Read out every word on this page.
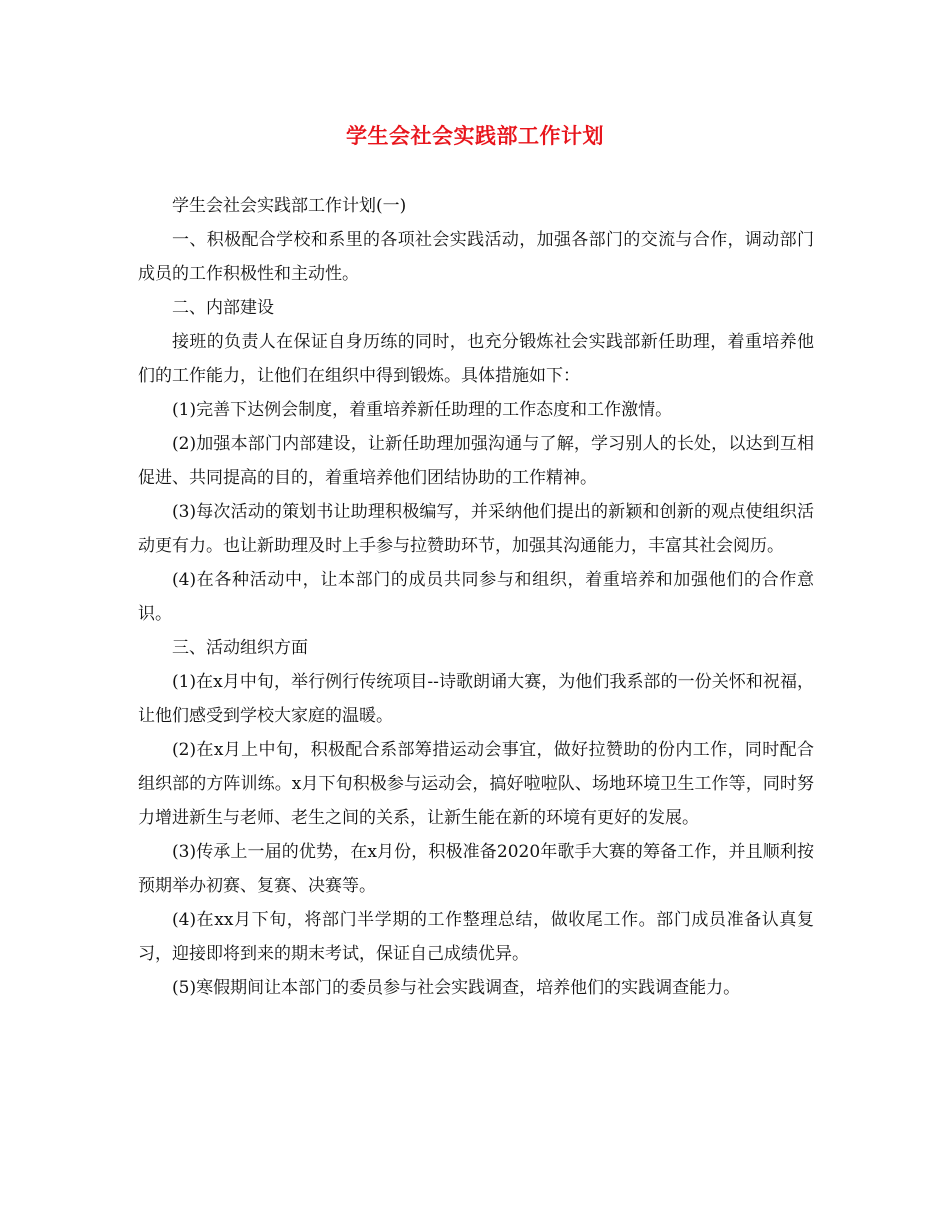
学生会社会实践部工作计划

学生会社会实践部工作计划(一)

一、积极配合学校和系里的各项社会实践活动，加强各部门的交流与合作，调动部门成员的工作积极性和主动性。

二、内部建设

接班的负责人在保证自身历练的同时，也充分锻炼社会实践部新任助理，着重培养他们的工作能力，让他们在组织中得到锻炼。具体措施如下：

(1)完善下达例会制度，着重培养新任助理的工作态度和工作激情。

(2)加强本部门内部建设，让新任助理加强沟通与了解，学习别人的长处，以达到互相促进、共同提高的目的，着重培养他们团结协助的工作精神。

(3)每次活动的策划书让助理积极编写，并采纳他们提出的新颖和创新的观点使组织活动更有力。也让新助理及时上手参与拉赞助环节，加强其沟通能力，丰富其社会阅历。

(4)在各种活动中，让本部门的成员共同参与和组织，着重培养和加强他们的合作意识。

三、活动组织方面

(1)在x月中旬，举行例行传统项目--诗歌朗诵大赛，为他们我系部的一份关怀和祝福，让他们感受到学校大家庭的温暖。

(2)在x月上中旬，积极配合系部筹措运动会事宜，做好拉赞助的份内工作，同时配合组织部的方阵训练。x月下旬积极参与运动会，搞好啦啦队、场地环境卫生工作等，同时努力增进新生与老师、老生之间的关系，让新生能在新的环境有更好的发展。

(3)传承上一届的优势，在x月份，积极准备2020年歌手大赛的筹备工作，并且顺利按预期举办初赛、复赛、决赛等。

(4)在xx月下旬，将部门半学期的工作整理总结，做收尾工作。部门成员准备认真复习，迎接即将到来的期末考试，保证自己成绩优异。

(5)寒假期间让本部门的委员参与社会实践调查，培养他们的实践调查能力。
